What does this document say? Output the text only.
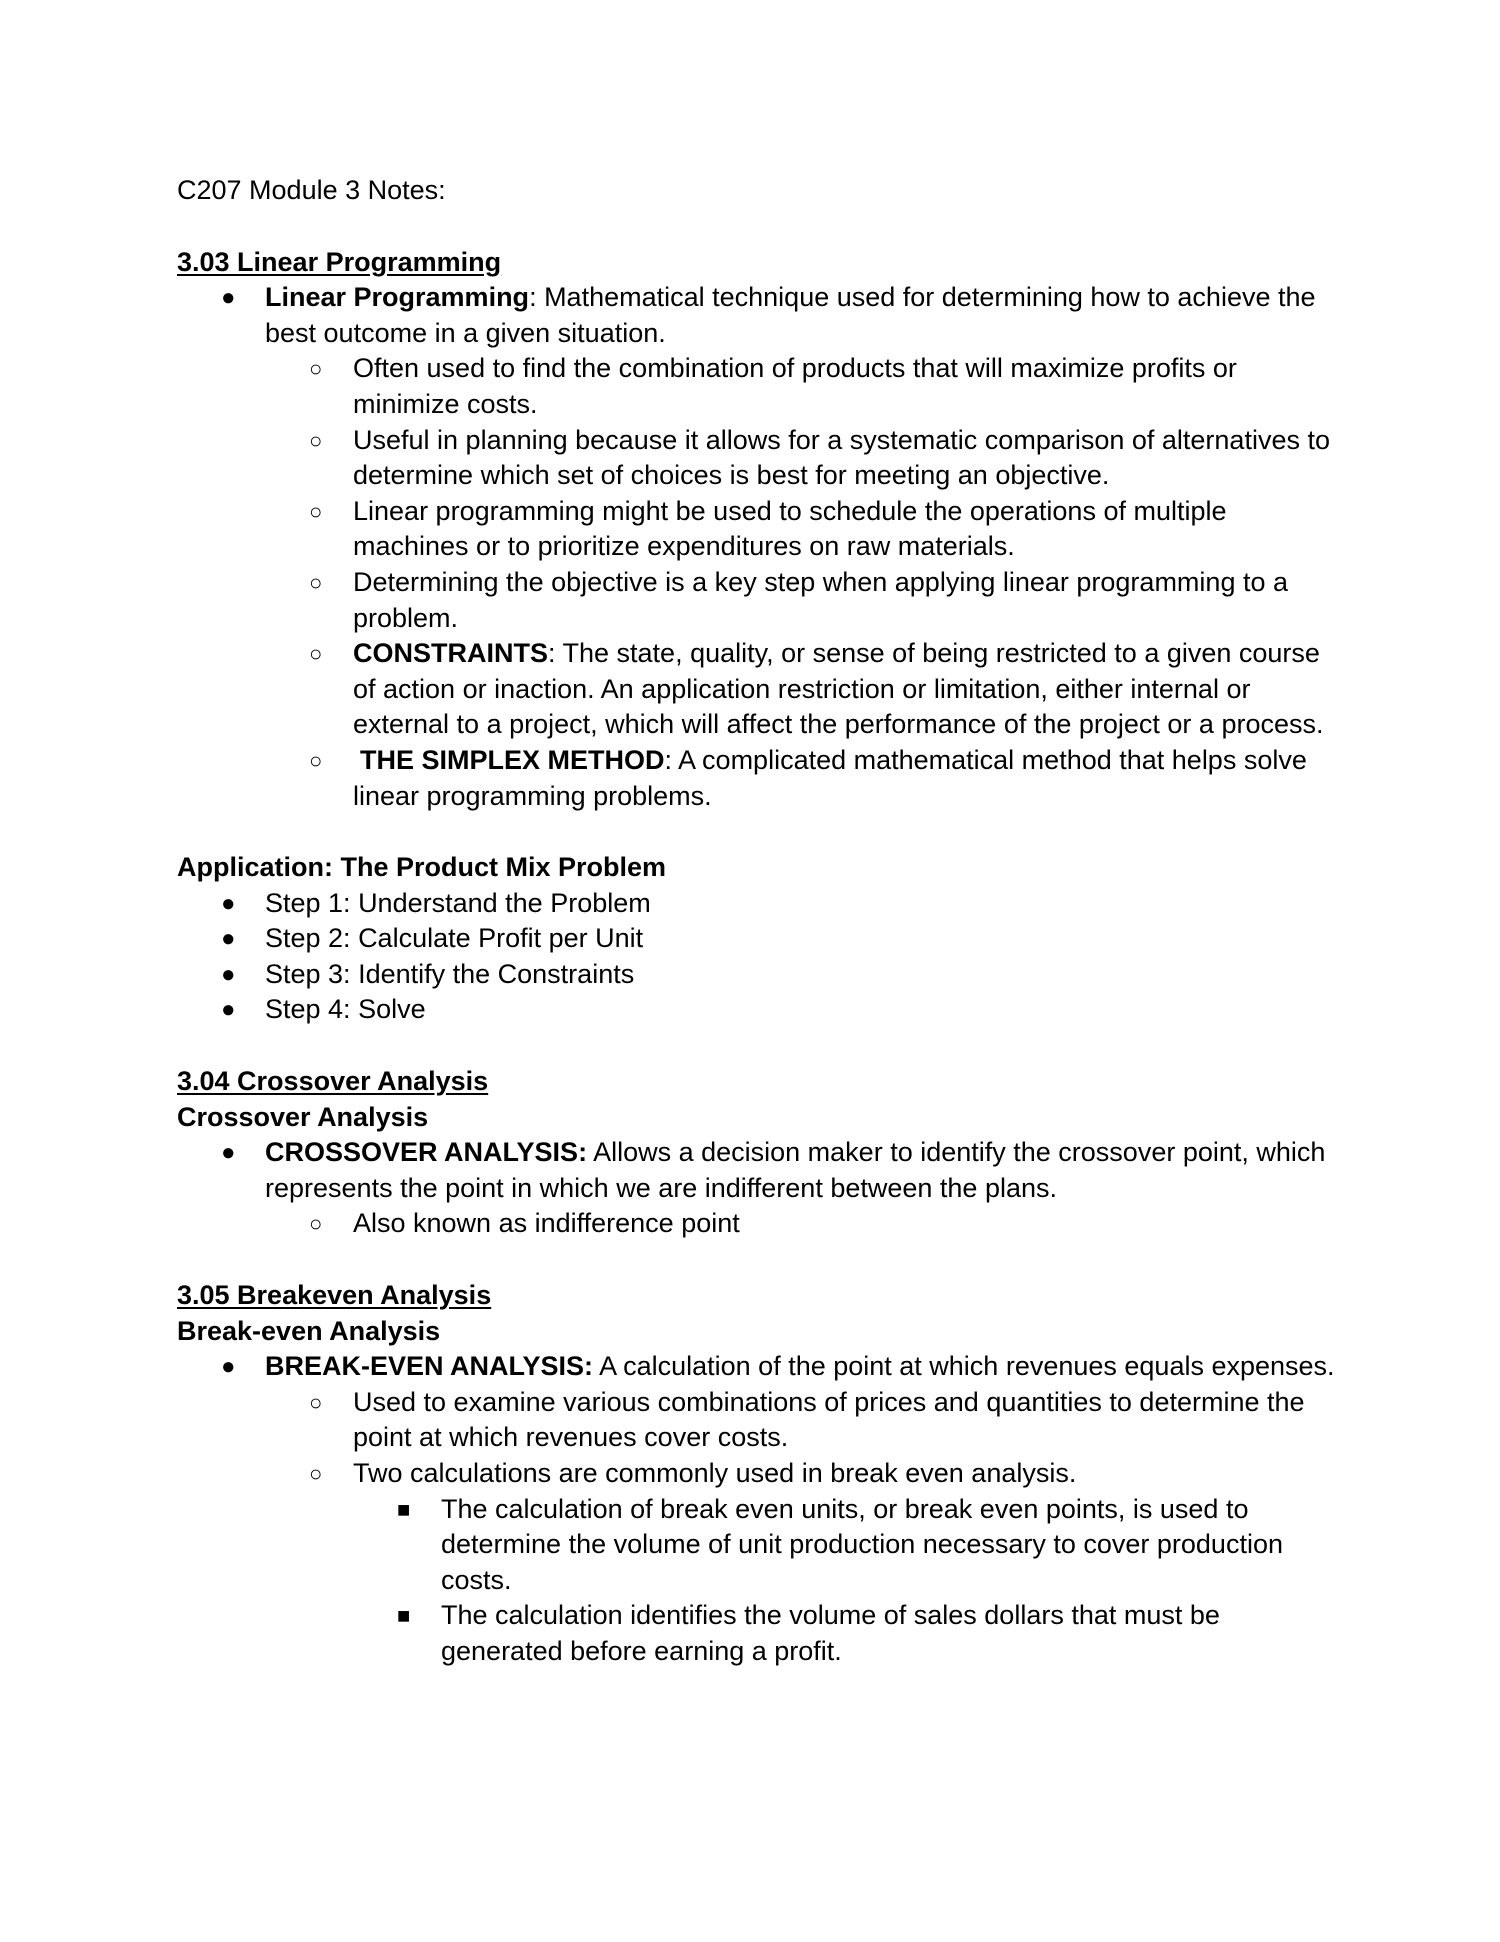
C207 Module 3 Notes:

3.03 Linear Programming
● Linear Programming: Mathematical technique used for determining how to achieve the best outcome in a given situation.
○ Often used to find the combination of products that will maximize profits or minimize costs.
○ Useful in planning because it allows for a systematic comparison of alternatives to determine which set of choices is best for meeting an objective.
○ Linear programming might be used to schedule the operations of multiple machines or to prioritize expenditures on raw materials.
○ Determining the objective is a key step when applying linear programming to a problem.
○ CONSTRAINTS: The state, quality, or sense of being restricted to a given course of action or inaction. An application restriction or limitation, either internal or external to a project, which will affect the performance of the project or a process.
○ THE SIMPLEX METHOD: A complicated mathematical method that helps solve linear programming problems.
Application: The Product Mix Problem
● Step 1: Understand the Problem
● Step 2: Calculate Profit per Unit
● Step 3: Identify the Constraints
● Step 4: Solve
3.04 Crossover Analysis
Crossover Analysis
● CROSSOVER ANALYSIS: Allows a decision maker to identify the crossover point, which represents the point in which we are indifferent between the plans.
○ Also known as indifference point
3.05 Breakeven Analysis
Break-even Analysis
● BREAK-EVEN ANALYSIS: A calculation of the point at which revenues equals expenses.
○ Used to examine various combinations of prices and quantities to determine the point at which revenues cover costs.
○ Two calculations are commonly used in break even analysis.
■ The calculation of break even units, or break even points, is used to determine the volume of unit production necessary to cover production costs.
■ The calculation identifies the volume of sales dollars that must be generated before earning a profit.
